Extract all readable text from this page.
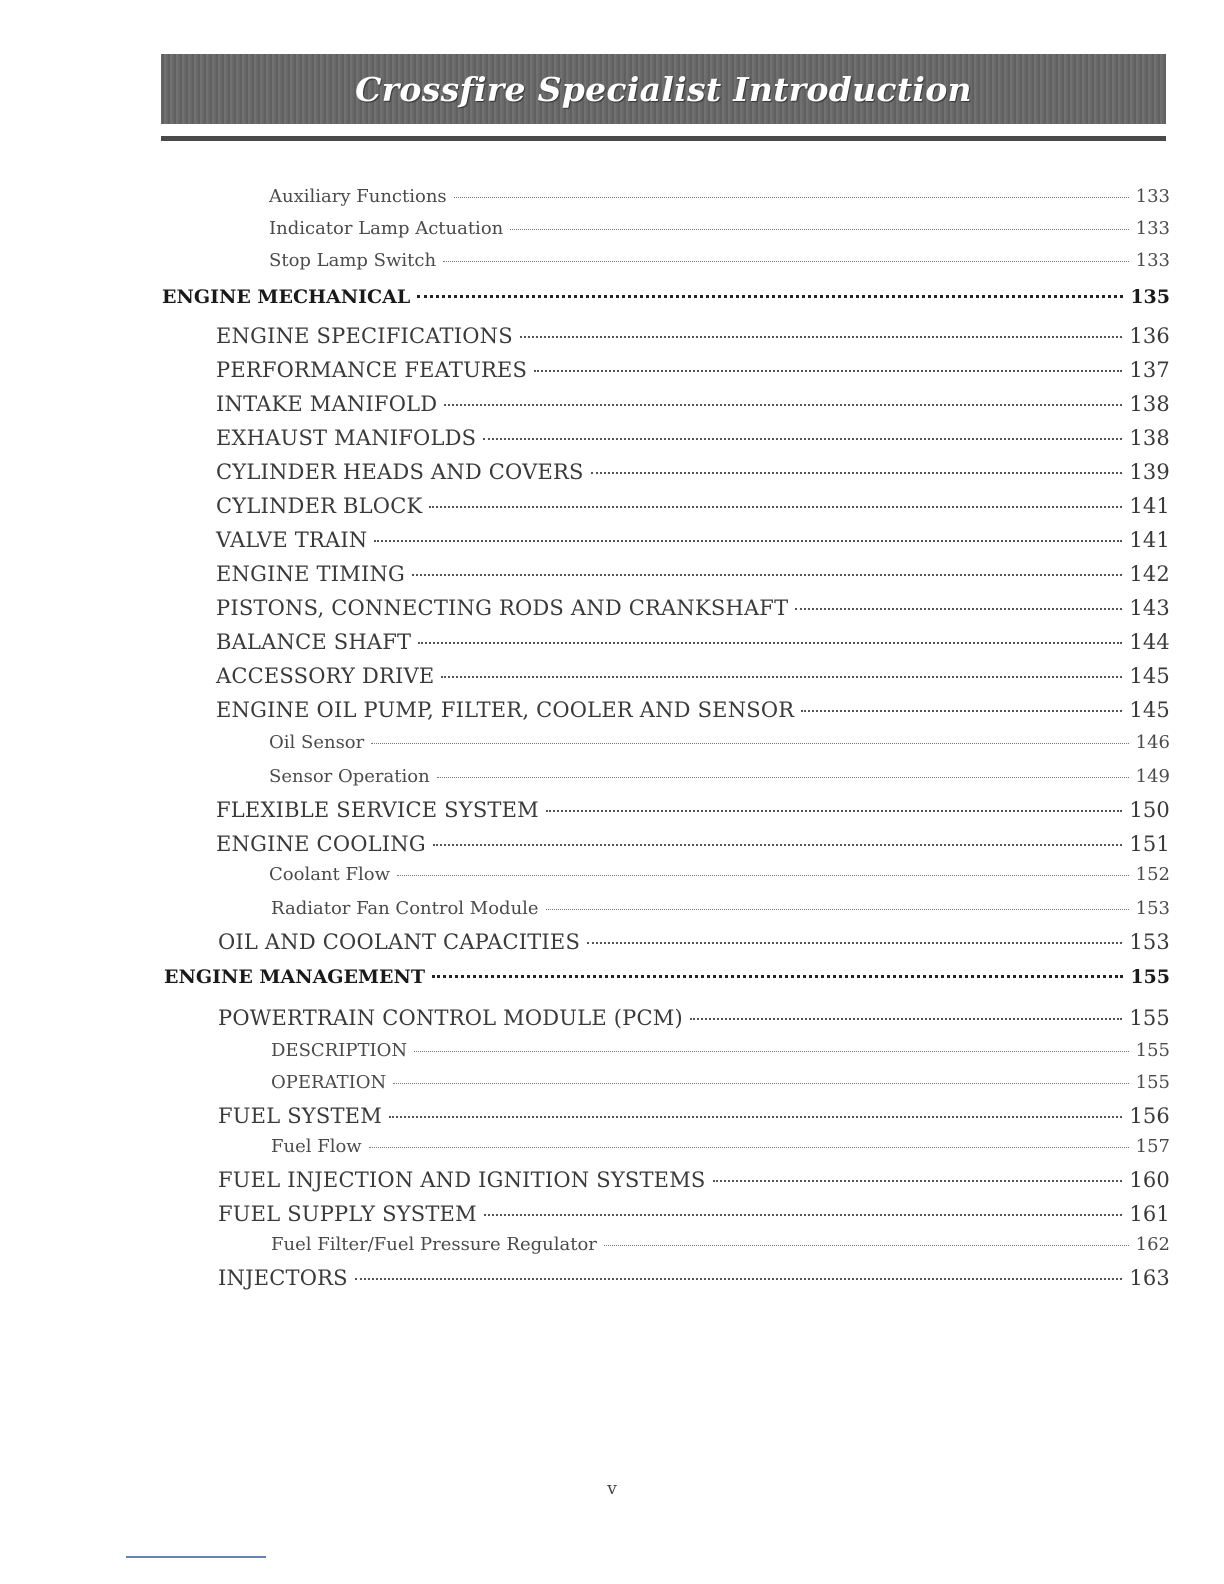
Crossfire Specialist Introduction
Auxiliary Functions	133
Indicator Lamp Actuation	133
Stop Lamp Switch	133
ENGINE MECHANICAL	135
ENGINE SPECIFICATIONS	136
PERFORMANCE FEATURES	137
INTAKE MANIFOLD	138
EXHAUST MANIFOLDS	138
CYLINDER HEADS AND COVERS	139
CYLINDER BLOCK	141
VALVE TRAIN	141
ENGINE TIMING	142
PISTONS, CONNECTING RODS AND CRANKSHAFT	143
BALANCE SHAFT	144
ACCESSORY DRIVE	145
ENGINE OIL PUMP, FILTER, COOLER AND SENSOR	145
Oil Sensor	146
Sensor Operation	149
FLEXIBLE SERVICE SYSTEM	150
ENGINE COOLING	151
Coolant Flow	152
Radiator Fan Control Module	153
OIL AND COOLANT CAPACITIES	153
ENGINE MANAGEMENT	155
POWERTRAIN CONTROL MODULE (PCM)	155
DESCRIPTION	155
OPERATION	155
FUEL SYSTEM	156
Fuel Flow	157
FUEL INJECTION AND IGNITION SYSTEMS	160
FUEL SUPPLY SYSTEM	161
Fuel Filter/Fuel Pressure Regulator	162
INJECTORS	163
v
